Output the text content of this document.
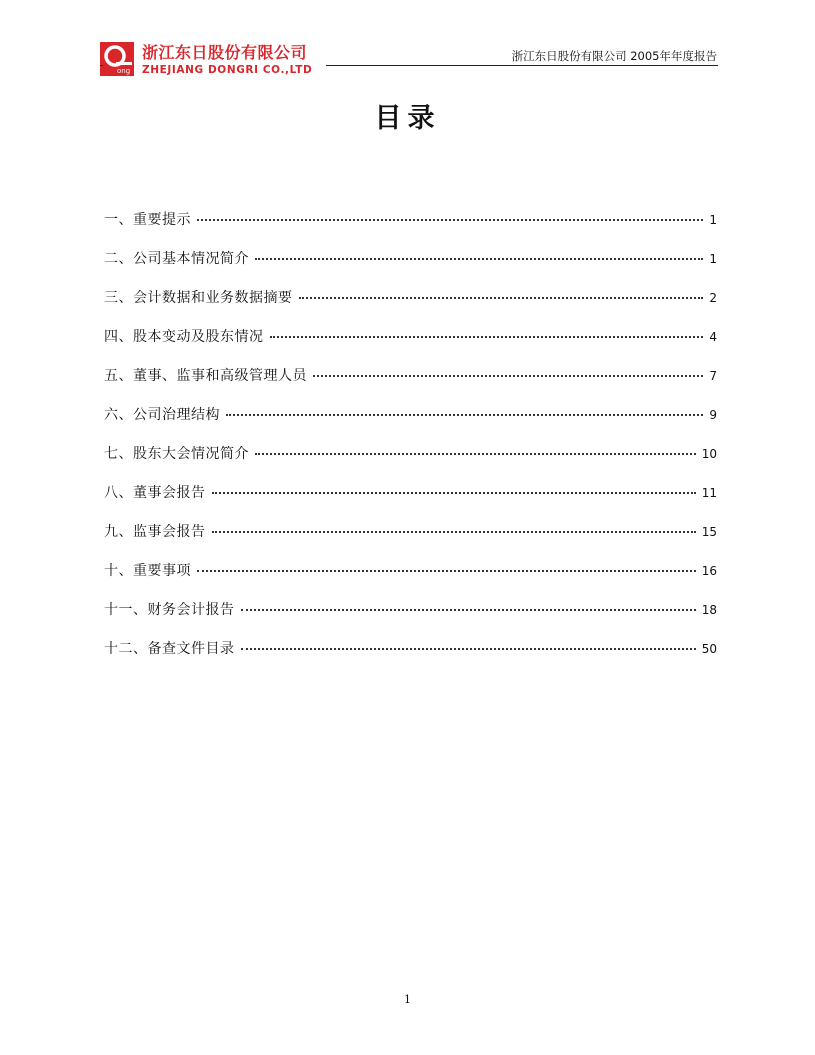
ong
浙江东日股份有限公司
ZHEJIANG DONGRI CO.,LTD
浙江东日股份有限公司 2005年年度报告
目录
一、重要提示	1
二、公司基本情况简介	1
三、会计数据和业务数据摘要	2
四、股本变动及股东情况	4
五、董事、监事和高级管理人员	7
六、公司治理结构	9
七、股东大会情况简介	10
八、董事会报告	11
九、监事会报告	15
十、重要事项	16
十一、财务会计报告	18
十二、备查文件目录	50
1
